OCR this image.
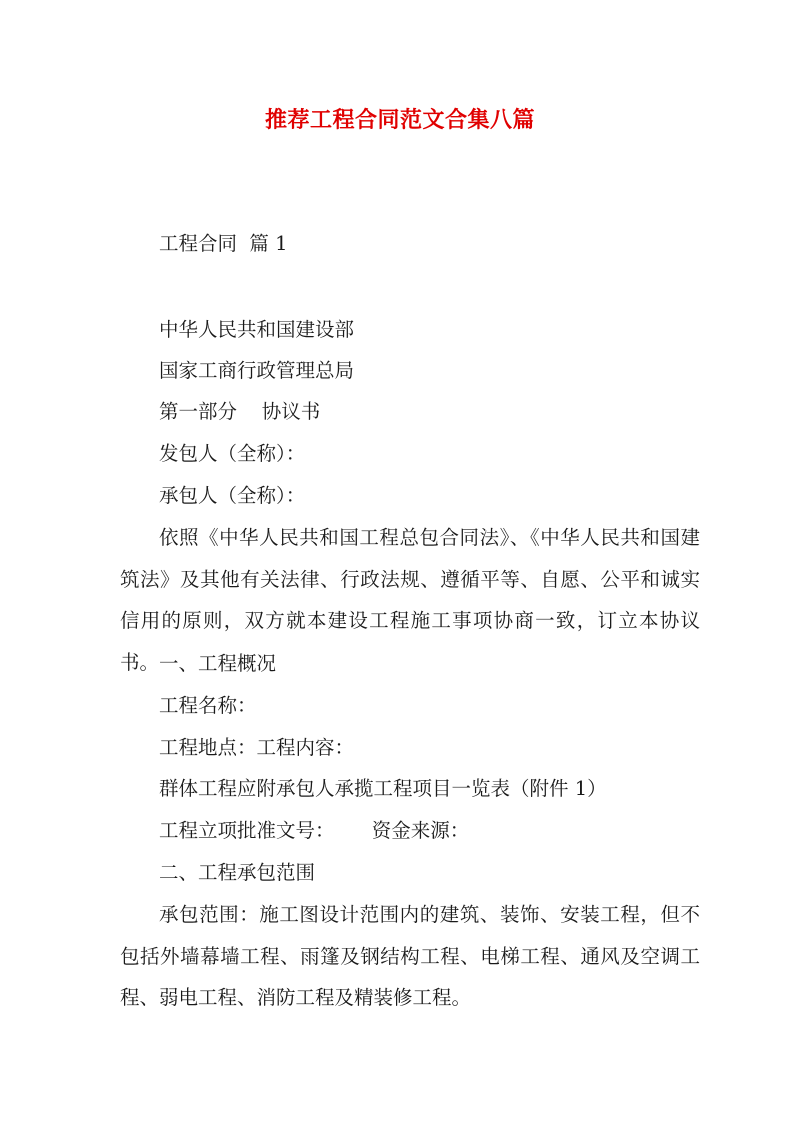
推荐工程合同范文合集八篇
工程合同  篇 1
中华人民共和国建设部
国家工商行政管理总局
第一部分    协议书
发包人（全称）：
承包人（全称）：
依照《中华人民共和国工程总包合同法》、《中华人民共和国建筑法》及其他有关法律、行政法规、遵循平等、自愿、公平和诚实信用的原则，双方就本建设工程施工事项协商一致，订立本协议书。 一、工程概况
工程名称：
工程地点：工程内容：
群体工程应附承包人承揽工程项目一览表（附件 1）
工程立项批准文号：      资金来源：
二、工程承包范围
承包范围：施工图设计范围内的建筑、装饰、安装工程，但不包括外墙幕墙工程、雨篷及钢结构工程、电梯工程、通风及空调工程、弱电工程、消防工程及精装修工程。
